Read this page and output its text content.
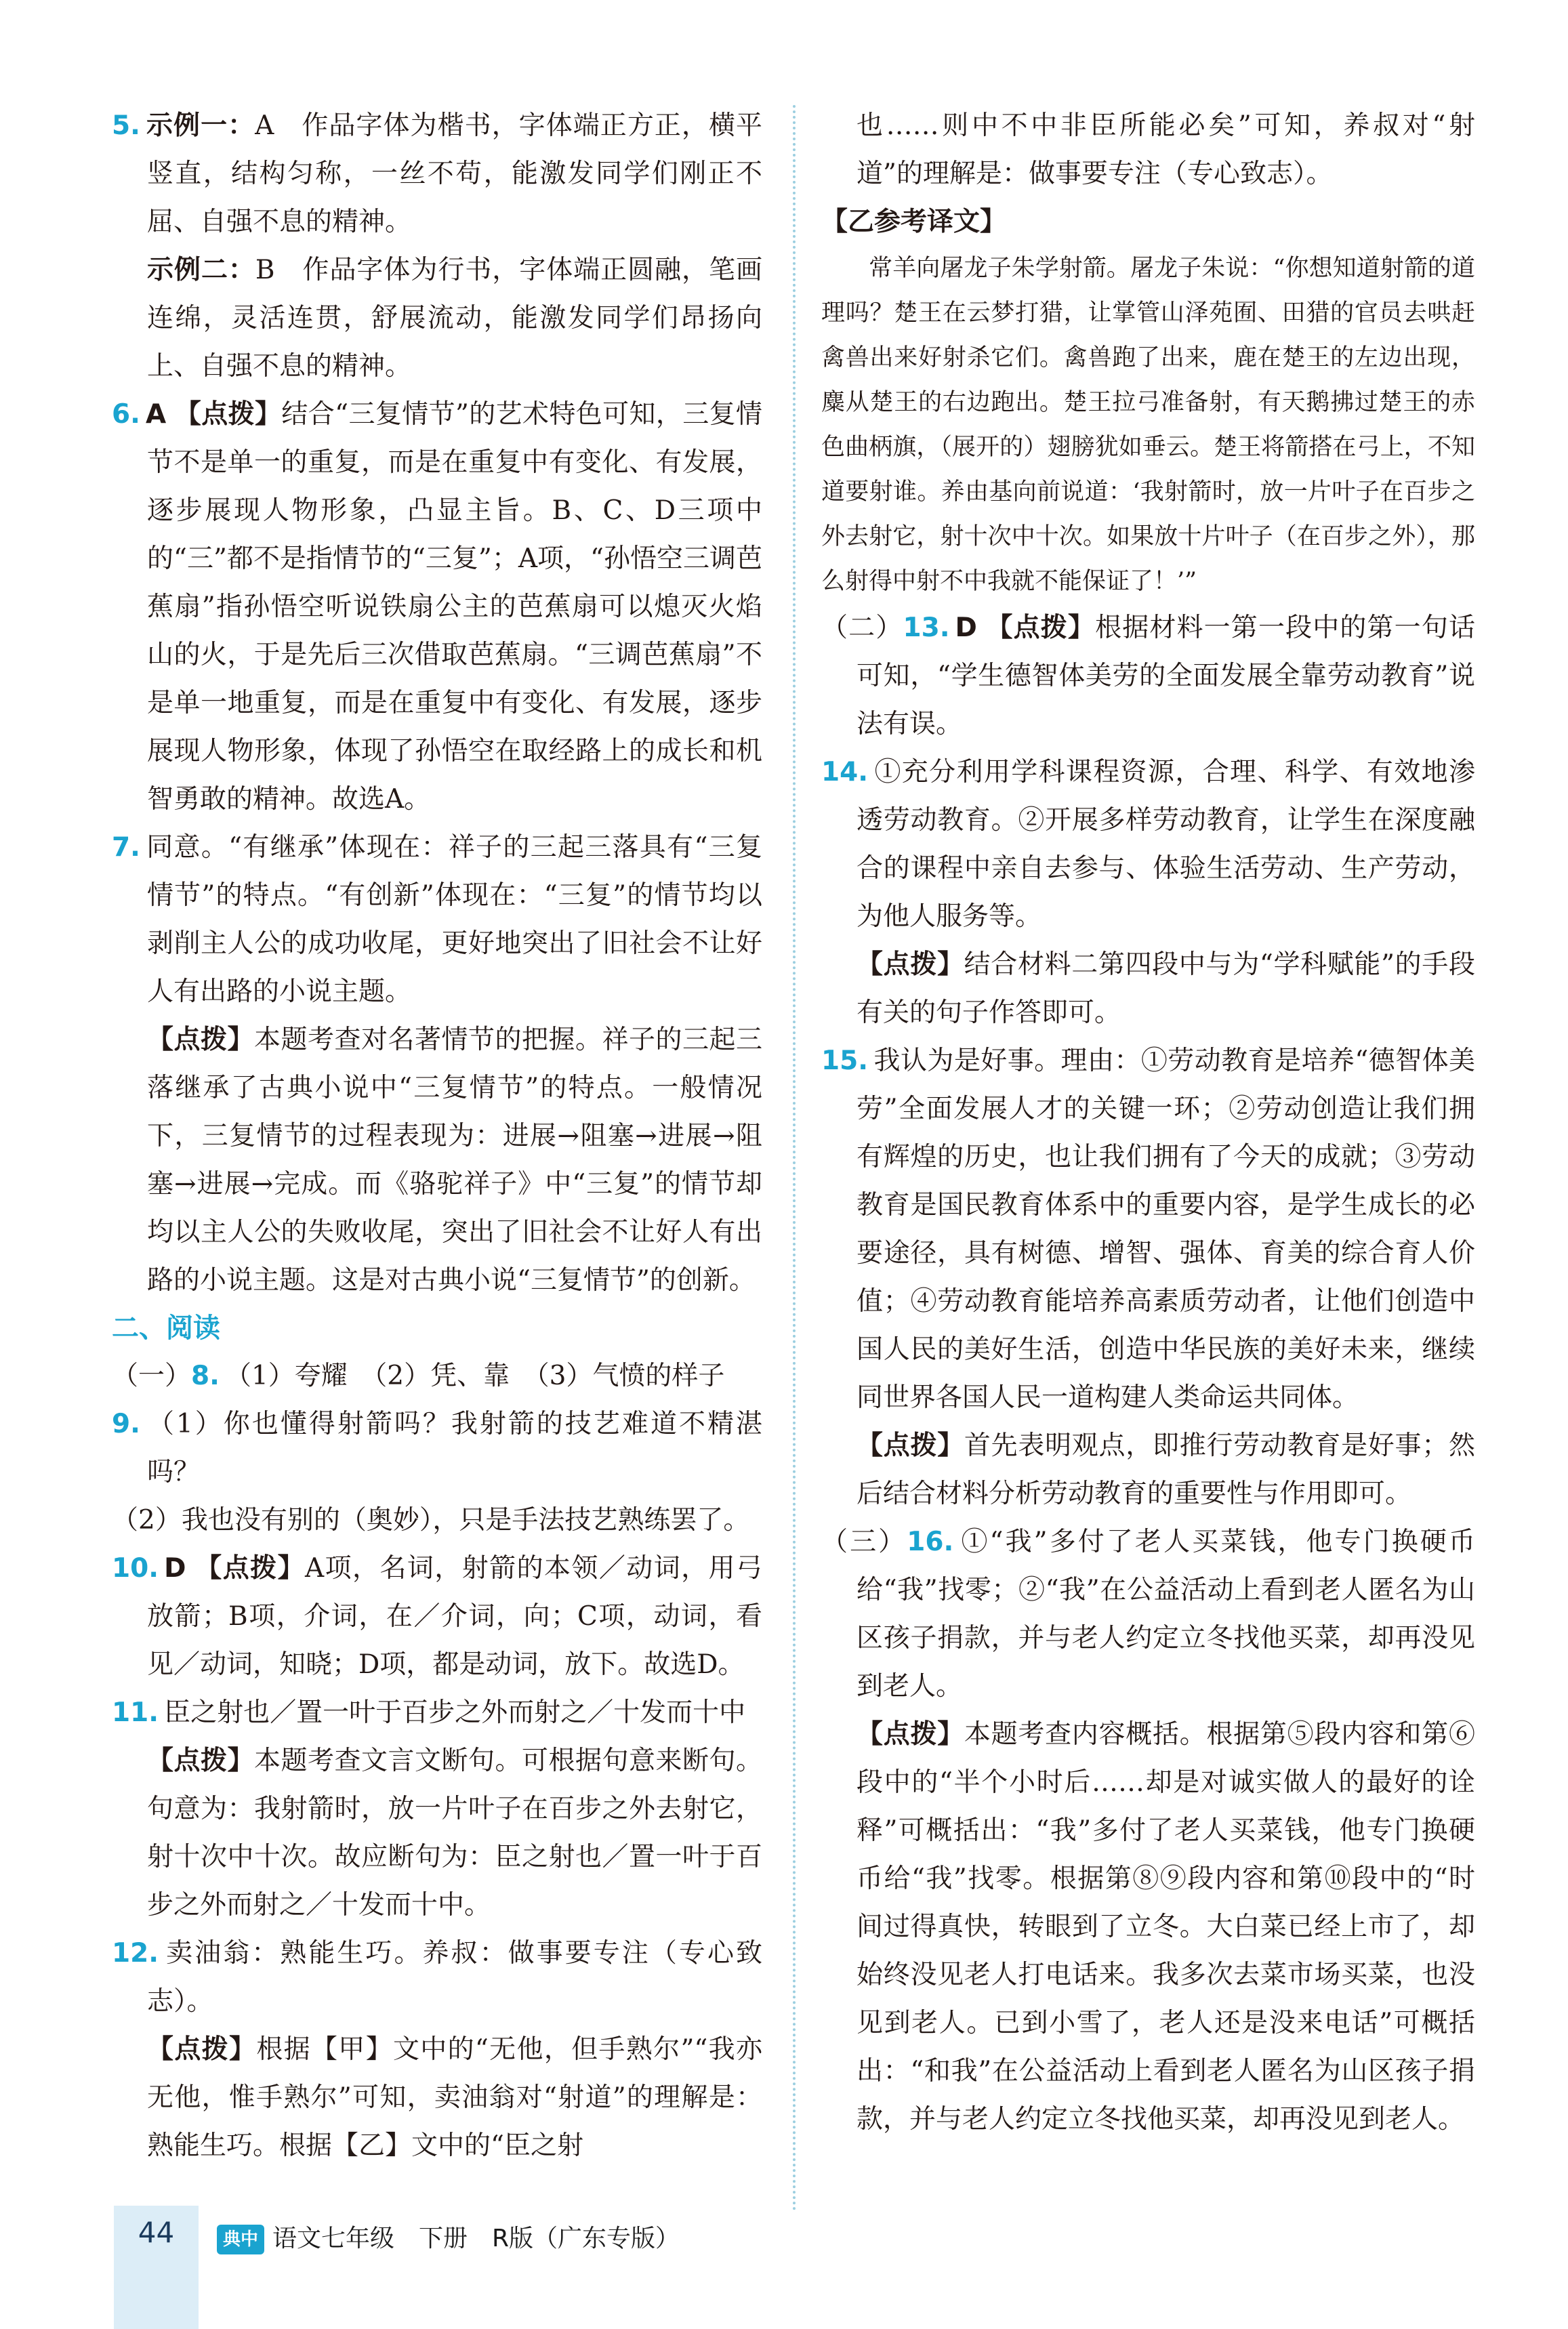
5. 示例一：A　作品字体为楷书，字体端正方正，横平竖直，结构匀称，一丝不苟，能激发同学们刚正不屈、自强不息的精神。
示例二：B　作品字体为行书，字体端正圆融，笔画连绵，灵活连贯，舒展流动，能激发同学们昂扬向上、自强不息的精神。
6. A 【点拨】结合“三复情节”的艺术特色可知，三复情节不是单一的重复，而是在重复中有变化、有发展，逐步展现人物形象，凸显主旨。B、C、D三项中的“三”都不是指情节的“三复”；A项，“孙悟空三调芭蕉扇”指孙悟空听说铁扇公主的芭蕉扇可以熄灭火焰山的火，于是先后三次借取芭蕉扇。“三调芭蕉扇”不是单一地重复，而是在重复中有变化、有发展，逐步展现人物形象，体现了孙悟空在取经路上的成长和机智勇敢的精神。故选A。
7. 同意。“有继承”体现在：祥子的三起三落具有“三复情节”的特点。“有创新”体现在：“三复”的情节均以剥削主人公的成功收尾，更好地突出了旧社会不让好人有出路的小说主题。
【点拨】本题考查对名著情节的把握。祥子的三起三落继承了古典小说中“三复情节”的特点。一般情况下，三复情节的过程表现为：进展→阻塞→进展→阻塞→进展→完成。而《骆驼祥子》中“三复”的情节却均以主人公的失败收尾，突出了旧社会不让好人有出路的小说主题。这是对古典小说“三复情节”的创新。
二、阅读
（一）8. （1）夸耀　（2）凭、靠　（3）气愤的样子
9. （1）你也懂得射箭吗？我射箭的技艺难道不精湛吗？
（2）我也没有别的（奥妙），只是手法技艺熟练罢了。
10. D 【点拨】A项，名词，射箭的本领／动词，用弓放箭；B项，介词，在／介词，向；C项，动词，看见／动词，知晓；D项，都是动词，放下。故选D。
11. 臣之射也／置一叶于百步之外而射之／十发而十中
【点拨】本题考查文言文断句。可根据句意来断句。句意为：我射箭时，放一片叶子在百步之外去射它，射十次中十次。故应断句为：臣之射也／置一叶于百步之外而射之／十发而十中。
12. 卖油翁：熟能生巧。养叔：做事要专注（专心致志）。
【点拨】根据【甲】文中的“无他，但手熟尔”“我亦无他，惟手熟尔”可知，卖油翁对“射道”的理解是：熟能生巧。根据【乙】文中的“臣之射
也……则中不中非臣所能必矣”可知，养叔对“射道”的理解是：做事要专注（专心致志）。
【乙参考译文】
　　常羊向屠龙子朱学射箭。屠龙子朱说：“你想知道射箭的道理吗？楚王在云梦打猎，让掌管山泽苑囿、田猎的官员去哄赶禽兽出来好射杀它们。禽兽跑了出来，鹿在楚王的左边出现，麋从楚王的右边跑出。楚王拉弓准备射，有天鹅拂过楚王的赤色曲柄旗，（展开的）翅膀犹如垂云。楚王将箭搭在弓上，不知道要射谁。养由基向前说道：‘我射箭时，放一片叶子在百步之外去射它，射十次中十次。如果放十片叶子（在百步之外），那么射得中射不中我就不能保证了！’”
（二）13. D 【点拨】根据材料一第一段中的第一句话可知，“学生德智体美劳的全面发展全靠劳动教育”说法有误。
14. ①充分利用学科课程资源，合理、科学、有效地渗透劳动教育。②开展多样劳动教育，让学生在深度融合的课程中亲自去参与、体验生活劳动、生产劳动，为他人服务等。
【点拨】结合材料二第四段中与为“学科赋能”的手段有关的句子作答即可。
15. 我认为是好事。理由：①劳动教育是培养“德智体美劳”全面发展人才的关键一环；②劳动创造让我们拥有辉煌的历史，也让我们拥有了今天的成就；③劳动教育是国民教育体系中的重要内容，是学生成长的必要途径，具有树德、增智、强体、育美的综合育人价值；④劳动教育能培养高素质劳动者，让他们创造中国人民的美好生活，创造中华民族的美好未来，继续同世界各国人民一道构建人类命运共同体。
【点拨】首先表明观点，即推行劳动教育是好事；然后结合材料分析劳动教育的重要性与作用即可。
（三）16. ①“我”多付了老人买菜钱，他专门换硬币给“我”找零；②“我”在公益活动上看到老人匿名为山区孩子捐款，并与老人约定立冬找他买菜，却再没见到老人。
【点拨】本题考查内容概括。根据第⑤段内容和第⑥段中的“半个小时后……却是对诚实做人的最好的诠释”可概括出：“我”多付了老人买菜钱，他专门换硬币给“我”找零。根据第⑧⑨段内容和第⑩段中的“时间过得真快，转眼到了立冬。大白菜已经上市了，却始终没见老人打电话来。我多次去菜市场买菜，也没见到老人。已到小雪了，老人还是没来电话”可概括出：“和我”在公益活动上看到老人匿名为山区孩子捐款，并与老人约定立冬找他买菜，却再没见到老人。
44	典中 语文七年级　下册　R版（广东专版）
